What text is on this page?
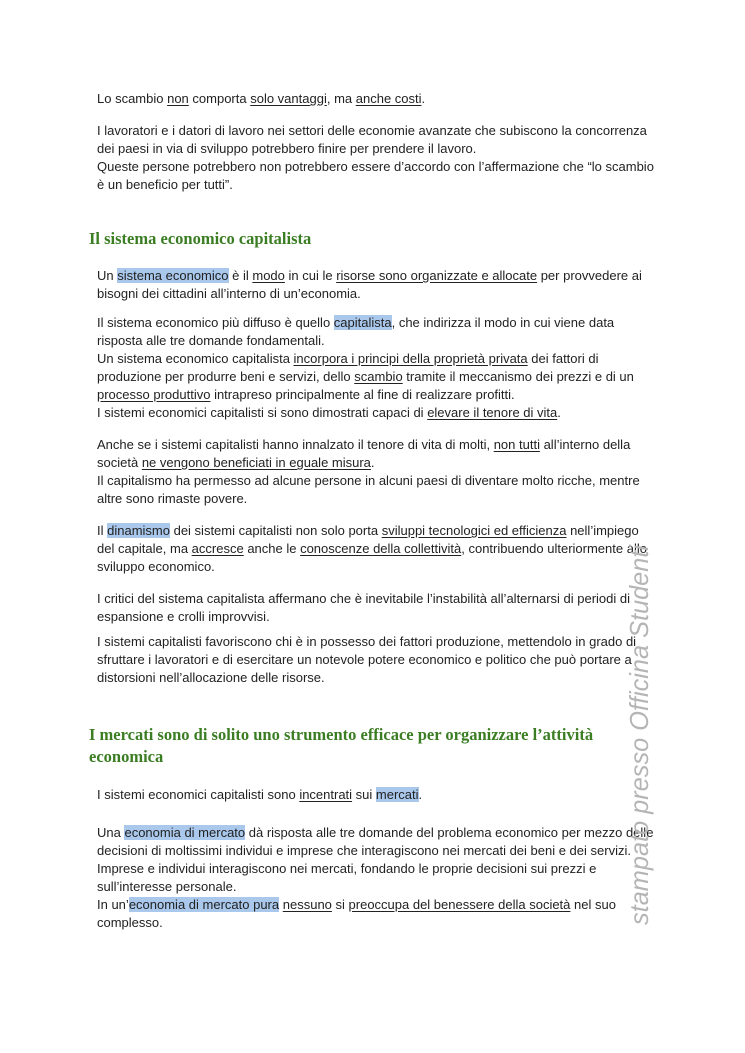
Lo scambio non comporta solo vantaggi, ma anche costi.

I lavoratori e i datori di lavoro nei settori delle economie avanzate che subiscono la concorrenza dei paesi in via di sviluppo potrebbero finire per prendere il lavoro.
Queste persone potrebbero non potrebbero essere d’accordo con l’affermazione che “lo scambio è un beneficio per tutti”.

Il sistema economico capitalista

Un sistema economico è il modo in cui le risorse sono organizzate e allocate per provvedere ai bisogni dei cittadini all’interno di un’economia.

Il sistema economico più diffuso è quello capitalista, che indirizza il modo in cui viene data risposta alle tre domande fondamentali.
Un sistema economico capitalista incorpora i principi della proprietà privata dei fattori di produzione per produrre beni e servizi, dello scambio tramite il meccanismo dei prezzi e di un processo produttivo intrapreso principalmente al fine di realizzare profitti.
I sistemi economici capitalisti si sono dimostrati capaci di elevare il tenore di vita.

Anche se i sistemi capitalisti hanno innalzato il tenore di vita di molti, non tutti all’interno della società ne vengono beneficiati in eguale misura.
Il capitalismo ha permesso ad alcune persone in alcuni paesi di diventare molto ricche, mentre altre sono rimaste povere.

Il dinamismo dei sistemi capitalisti non solo porta sviluppi tecnologici ed efficienza nell’impiego del capitale, ma accresce anche le conoscenze della collettività, contribuendo ulteriormente allo sviluppo economico.

I critici del sistema capitalista affermano che è inevitabile l’instabilità all’alternarsi di periodi di espansione e crolli improvvisi.

I sistemi capitalisti favoriscono chi è in possesso dei fattori produzione, mettendolo in grado di sfruttare i lavoratori e di esercitare un notevole potere economico e politico che può portare a distorsioni nell’allocazione delle risorse.

I mercati sono di solito uno strumento efficace per organizzare l’attività economica

I sistemi economici capitalisti sono incentrati sui mercati.

Una economia di mercato dà risposta alle tre domande del problema economico per mezzo delle decisioni di moltissimi individui e imprese che interagiscono nei mercati dei beni e dei servizi.
Imprese e individui interagiscono nei mercati, fondando le proprie decisioni sui prezzi e sull’interesse personale.
In un’economia di mercato pura nessuno si preoccupa del benessere della società nel suo complesso.	stampato presso Officina Studenti
